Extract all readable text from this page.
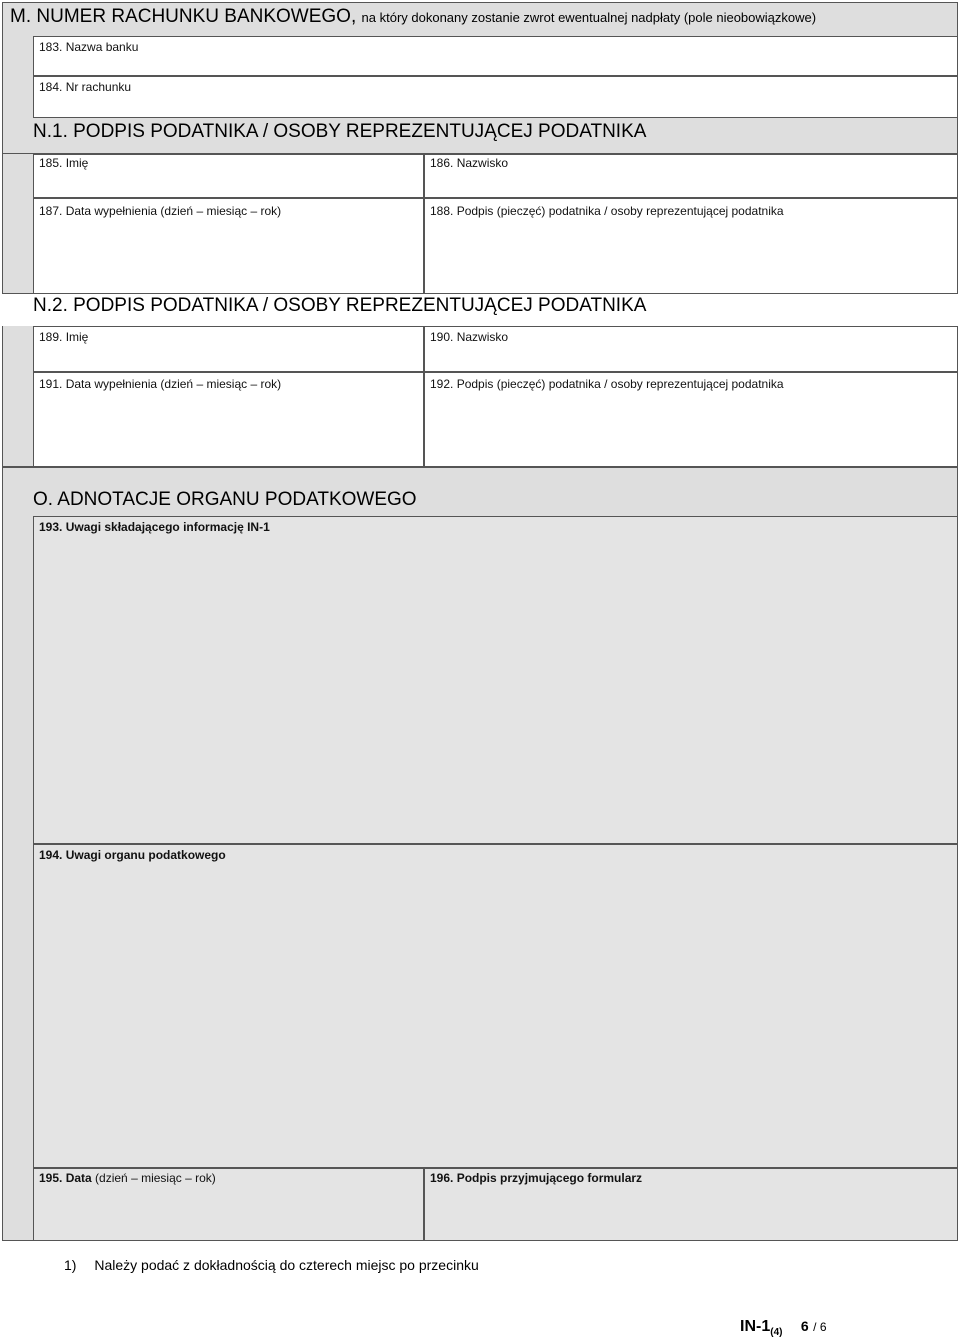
M. NUMER RACHUNKU BANKOWEGO, na który dokonany zostanie zwrot ewentualnej nadpłaty (pole nieobowiązkowe)
183. Nazwa banku
184. Nr rachunku
N.1. PODPIS PODATNIKA / OSOBY REPREZENTUJĄCEJ PODATNIKA
185. Imię	186. Nazwisko
187. Data wypełnienia (dzień – miesiąc – rok)	188. Podpis (pieczęć) podatnika / osoby reprezentującej podatnika
N.2. PODPIS PODATNIKA / OSOBY REPREZENTUJĄCEJ PODATNIKA
189. Imię	190. Nazwisko
191. Data wypełnienia (dzień – miesiąc – rok)	192. Podpis (pieczęć) podatnika / osoby reprezentującej podatnika
O. ADNOTACJE ORGANU PODATKOWEGO
193. Uwagi składającego informację IN-1
194. Uwagi organu podatkowego
195. Data (dzień – miesiąc – rok)	196. Podpis przyjmującego formularz
1) Należy podać z dokładnością do czterech miejsc po przecinku
$IN-1_{(4)}$ 6 / 6
